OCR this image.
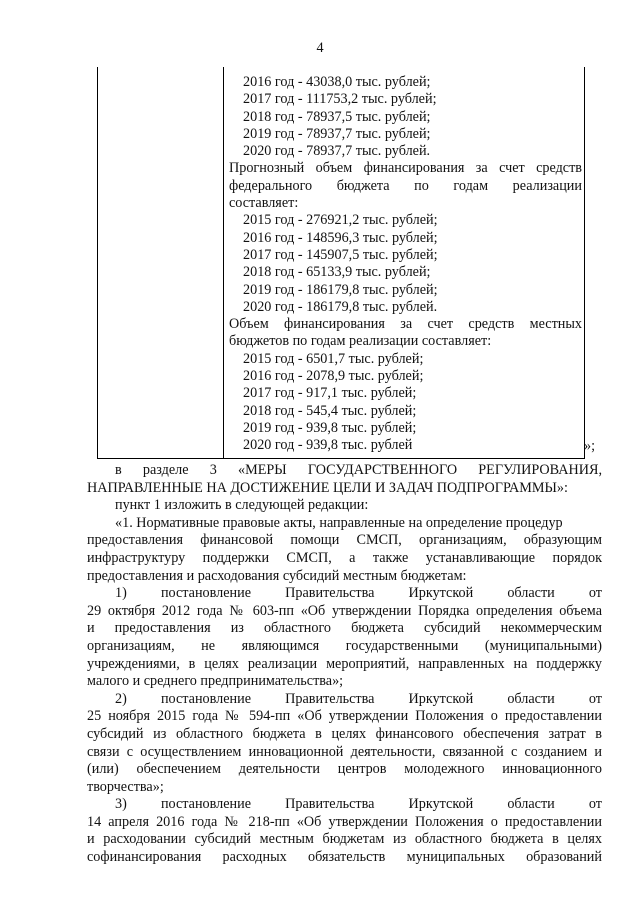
4
2016 год - 43038,0 тыс. рублей;
2017 год - 111753,2 тыс. рублей;
2018 год - 78937,5 тыс. рублей;
2019 год - 78937,7 тыс. рублей;
2020 год - 78937,7 тыс. рублей.
Прогнозный объем финансирования за счет средств
федерального бюджета по годам реализации
составляет:
2015 год - 276921,2 тыс. рублей;
2016 год - 148596,3 тыс. рублей;
2017 год - 145907,5 тыс. рублей;
2018 год - 65133,9 тыс. рублей;
2019 год - 186179,8 тыс. рублей;
2020 год - 186179,8 тыс. рублей.
Объем финансирования за счет средств местных
бюджетов по годам реализации составляет:
2015 год - 6501,7 тыс. рублей;
2016 год - 2078,9 тыс. рублей;
2017 год - 917,1 тыс. рублей;
2018 год - 545,4 тыс. рублей;
2019 год - 939,8 тыс. рублей;
2020 год - 939,8 тыс. рублей	»;
в разделе 3 «МЕРЫ ГОСУДАРСТВЕННОГО РЕГУЛИРОВАНИЯ,
НАПРАВЛЕННЫЕ НА ДОСТИЖЕНИЕ ЦЕЛИ И ЗАДАЧ ПОДПРОГРАММЫ»:
пункт 1 изложить в следующей редакции:
«1. Нормативные правовые акты, направленные на определение процедур
предоставления финансовой помощи СМСП, организациям, образующим
инфраструктуру поддержки СМСП, а также устанавливающие порядок
предоставления и расходования субсидий местным бюджетам:
1) постановление Правительства Иркутской области от
29 октября 2012 года № 603-пп «Об утверждении Порядка определения объема
и предоставления из областного бюджета субсидий некоммерческим
организациям, не являющимся государственными (муниципальными)
учреждениями, в целях реализации мероприятий, направленных на поддержку
малого и среднего предпринимательства»;
2) постановление Правительства Иркутской области от
25 ноября 2015 года № 594-пп «Об утверждении Положения о предоставлении
субсидий из областного бюджета в целях финансового обеспечения затрат в
связи с осуществлением инновационной деятельности, связанной с созданием и
(или) обеспечением деятельности центров молодежного инновационного
творчества»;
3) постановление Правительства Иркутской области от
14 апреля 2016 года № 218-пп «Об утверждении Положения о предоставлении
и расходовании субсидий местным бюджетам из областного бюджета в целях
софинансирования расходных обязательств муниципальных образований
